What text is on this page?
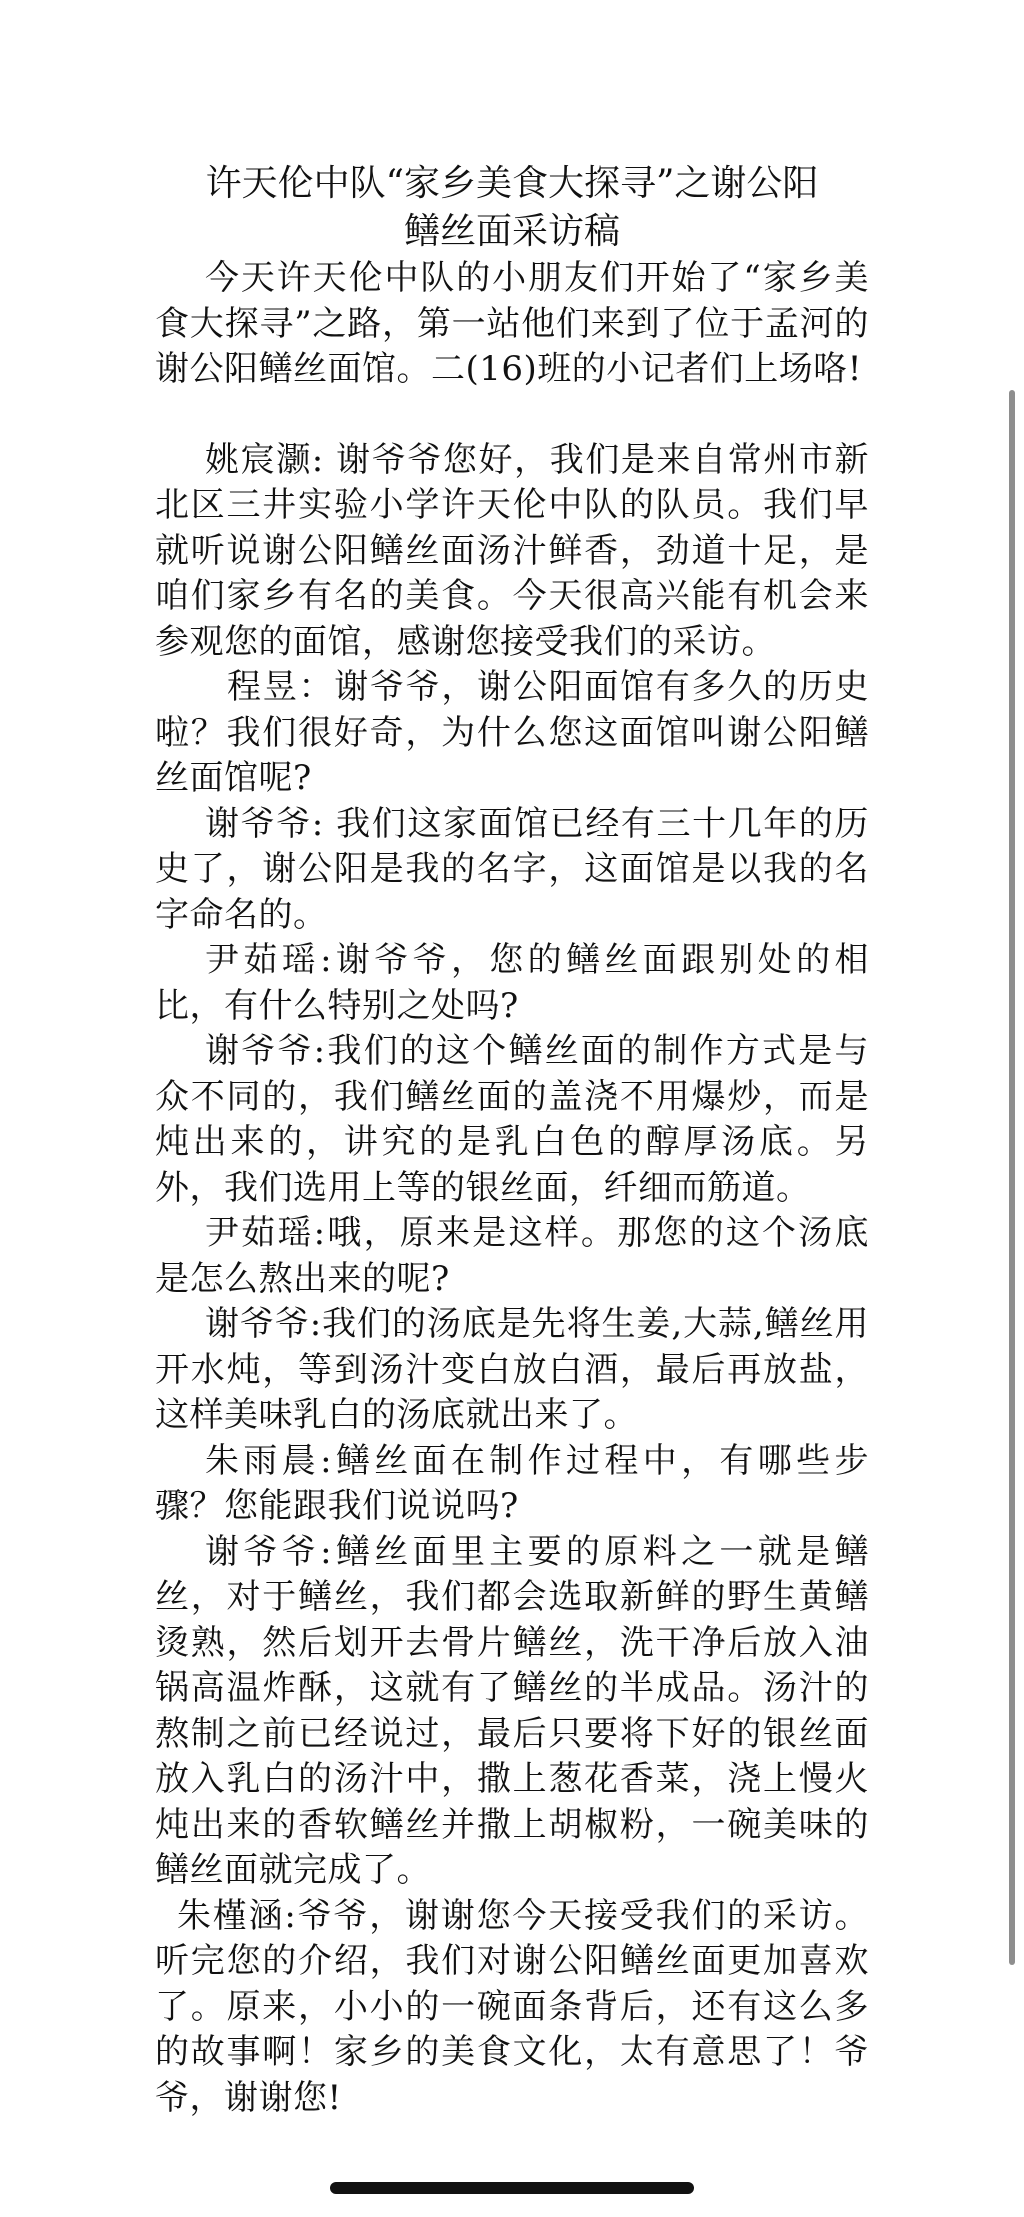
许天伦中队“家乡美食大探寻”之谢公阳
鳝丝面采访稿

今天许天伦中队的小朋友们开始了“家乡美食大探寻”之路，第一站他们来到了位于孟河的谢公阳鳝丝面馆。二(16)班的小记者们上场咯!

姚宸灏: 谢爷爷您好，我们是来自常州市新北区三井实验小学许天伦中队的队员。我们早就听说谢公阳鳝丝面汤汁鲜香，劲道十足，是咱们家乡有名的美食。今天很高兴能有机会来参观您的面馆，感谢您接受我们的采访。

程昱：谢爷爷，谢公阳面馆有多久的历史啦？我们很好奇，为什么您这面馆叫谢公阳鳝丝面馆呢?

谢爷爷: 我们这家面馆已经有三十几年的历史了，谢公阳是我的名字，这面馆是以我的名字命名的。

尹茹瑶:谢爷爷，您的鳝丝面跟别处的相比，有什么特别之处吗?

谢爷爷:我们的这个鳝丝面的制作方式是与众不同的，我们鳝丝面的盖浇不用爆炒，而是炖出来的，讲究的是乳白色的醇厚汤底。另外，我们选用上等的银丝面，纤细而筋道。

尹茹瑶:哦，原来是这样。那您的这个汤底是怎么熬出来的呢?

谢爷爷:我们的汤底是先将生姜,大蒜,鳝丝用开水炖，等到汤汁变白放白酒，最后再放盐，这样美味乳白的汤底就出来了。

朱雨晨:鳝丝面在制作过程中，有哪些步骤？您能跟我们说说吗?

谢爷爷:鳝丝面里主要的原料之一就是鳝丝，对于鳝丝，我们都会选取新鲜的野生黄鳝烫熟，然后划开去骨片鳝丝，洗干净后放入油锅高温炸酥，这就有了鳝丝的半成品。汤汁的熬制之前已经说过，最后只要将下好的银丝面放入乳白的汤汁中，撒上葱花香菜，浇上慢火炖出来的香软鳝丝并撒上胡椒粉，一碗美味的鳝丝面就完成了。

朱槿涵:爷爷，谢谢您今天接受我们的采访。听完您的介绍，我们对谢公阳鳝丝面更加喜欢了。原来，小小的一碗面条背后，还有这么多的故事啊！家乡的美食文化，太有意思了！爷爷，谢谢您!
